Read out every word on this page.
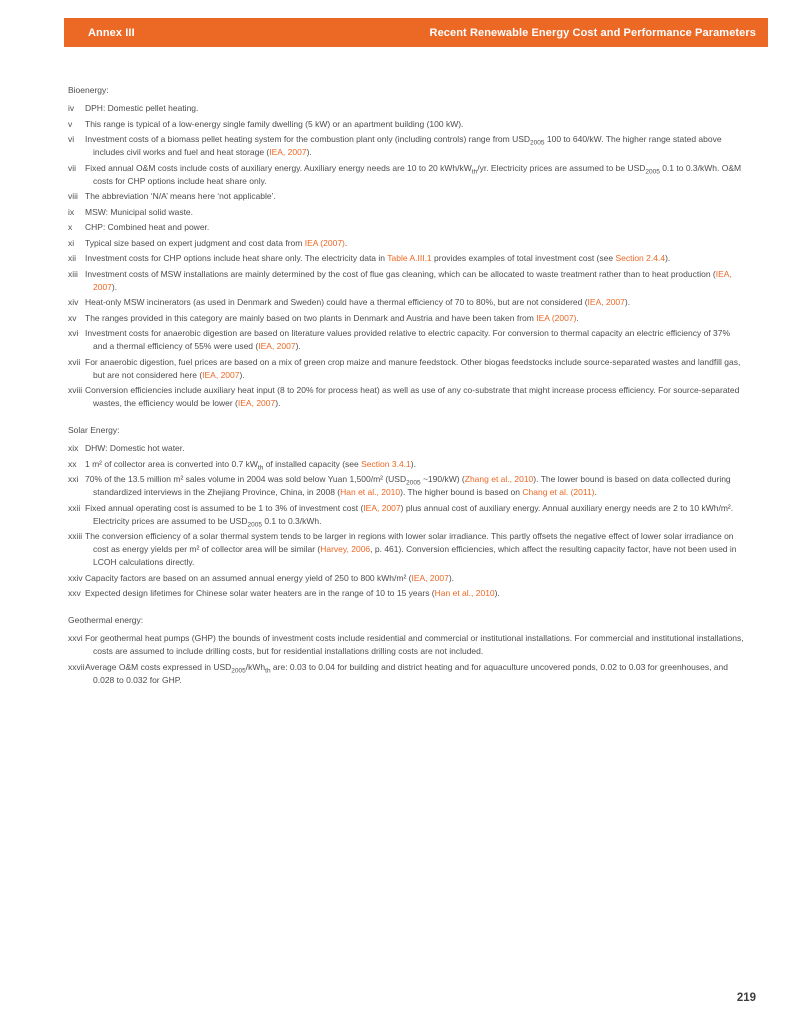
Annex III	Recent Renewable Energy Cost and Performance Parameters
Bioenergy:
iv	DPH: Domestic pellet heating.
v	This range is typical of a low-energy single family dwelling (5 kW) or an apartment building (100 kW).
vi	Investment costs of a biomass pellet heating system for the combustion plant only (including controls) range from $USD_{2005}$ 100 to 640/kW. The higher range stated above includes civil works and fuel and heat storage (IEA, 2007).
vii	Fixed annual O&M costs include costs of auxiliary energy. Auxiliary energy needs are 10 to 20 kWh/$kW_{th}/yr$. Electricity prices are assumed to be $USD_{2005}$ 0.1 to 0.3/kWh. O&M costs for CHP options include heat share only.
viii The abbreviation ‘N/A’ means here ‘not applicable’.
ix	MSW: Municipal solid waste.
x	CHP: Combined heat and power.
xi	Typical size based on expert judgment and cost data from IEA (2007).
xii	Investment costs for CHP options include heat share only. The electricity data in Table A.III.1 provides examples of total investment cost (see Section 2.4.4).
xiii Investment costs of MSW installations are mainly determined by the cost of flue gas cleaning, which can be allocated to waste treatment rather than to heat production (IEA, 2007).
xiv Heat-only MSW incinerators (as used in Denmark and Sweden) could have a thermal efficiency of 70 to 80%, but are not considered (IEA, 2007).
xv	The ranges provided in this category are mainly based on two plants in Denmark and Austria and have been taken from IEA (2007).
xvi Investment costs for anaerobic digestion are based on literature values provided relative to electric capacity. For conversion to thermal capacity an electric efficiency of 37% and a thermal efficiency of 55% were used (IEA, 2007).
xvii For anaerobic digestion, fuel prices are based on a mix of green crop maize and manure feedstock. Other biogas feedstocks include source-separated wastes and landfill gas, but are not considered here (IEA, 2007).
xviii Conversion efficiencies include auxiliary heat input (8 to 20% for process heat) as well as use of any co-substrate that might increase process efficiency. For source-separated wastes, the efficiency would be lower (IEA, 2007).
Solar Energy:
xix DHW: Domestic hot water.
xx	1 m² of collector area is converted into 0.7 $kW_{th}$ of installed capacity (see Section 3.4.1).
xxi 70% of the 13.5 million m² sales volume in 2004 was sold below Yuan 1,500/m² ($USD_{2005}$ ~190/kW) (Zhang et al., 2010). The lower bound is based on data collected during standardized interviews in the Zhejiang Province, China, in 2008 (Han et al., 2010). The higher bound is based on Chang et al. (2011).
xxii Fixed annual operating cost is assumed to be 1 to 3% of investment cost (IEA, 2007) plus annual cost of auxiliary energy. Annual auxiliary energy needs are 2 to 10 kWh/m². Electricity prices are assumed to be $USD_{2005}$ 0.1 to 0.3/kWh.
xxiii The conversion efficiency of a solar thermal system tends to be larger in regions with lower solar irradiance. This partly offsets the negative effect of lower solar irradiance on cost as energy yields per m² of collector area will be similar (Harvey, 2006, p. 461). Conversion efficiencies, which affect the resulting capacity factor, have not been used in LCOH calculations directly.
xxiv Capacity factors are based on an assumed annual energy yield of 250 to 800 kWh/m² (IEA, 2007).
xxv Expected design lifetimes for Chinese solar water heaters are in the range of 10 to 15 years (Han et al., 2010).
Geothermal energy:
xxvi For geothermal heat pumps (GHP) the bounds of investment costs include residential and commercial or institutional installations. For commercial and institutional installations, costs are assumed to include drilling costs, but for residential installations drilling costs are not included.
xxvii Average O&M costs expressed in $USD_{2005}/kWh_{th}$ are: 0.03 to 0.04 for building and district heating and for aquaculture uncovered ponds, 0.02 to 0.03 for greenhouses, and 0.028 to 0.032 for GHP.
219
